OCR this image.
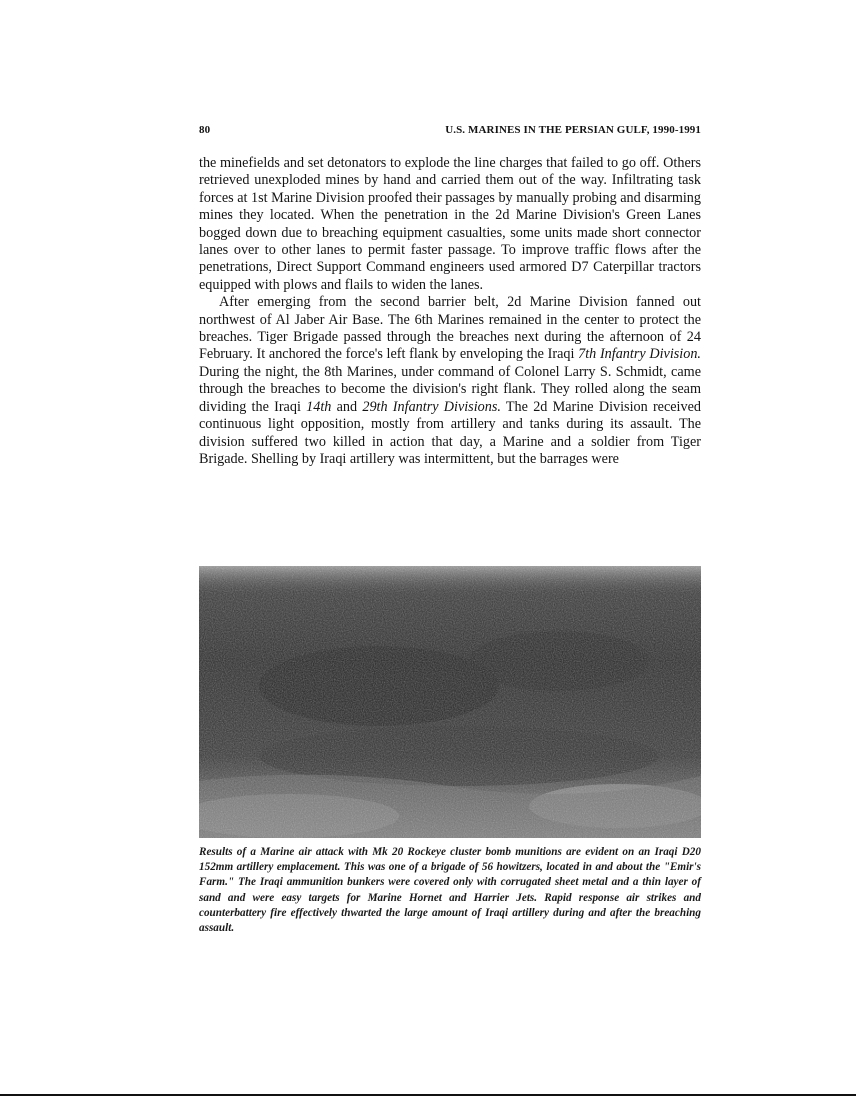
80	U.S. MARINES IN THE PERSIAN GULF, 1990-1991

the minefields and set detonators to explode the line charges that failed to go off. Others retrieved unexploded mines by hand and carried them out of the way. Infiltrating task forces at 1st Marine Division proofed their passages by manually probing and disarming mines they located. When the penetration in the 2d Marine Division's Green Lanes bogged down due to breaching equipment casualties, some units made short connector lanes over to other lanes to permit faster passage. To improve traffic flows after the penetrations, Direct Support Command engineers used armored D7 Caterpillar tractors equipped with plows and flails to widen the lanes.

After emerging from the second barrier belt, 2d Marine Division fanned out northwest of Al Jaber Air Base. The 6th Marines remained in the center to protect the breaches. Tiger Brigade passed through the breaches next during the afternoon of 24 February. It anchored the force's left flank by enveloping the Iraqi 7th Infantry Division. During the night, the 8th Marines, under command of Colonel Larry S. Schmidt, came through the breaches to become the division's right flank. They rolled along the seam dividing the Iraqi 14th and 29th Infantry Divisions. The 2d Marine Division received continuous light opposition, mostly from artillery and tanks during its assault. The division suffered two killed in action that day, a Marine and a soldier from Tiger Brigade. Shelling by Iraqi artillery was intermittent, but the barrages were

Results of a Marine air attack with Mk 20 Rockeye cluster bomb munitions are evident on an Iraqi D20 152mm artillery emplacement. This was one of a brigade of 56 howitzers, located in and about the "Emir's Farm." The Iraqi ammunition bunkers were covered only with corrugated sheet metal and a thin layer of sand and were easy targets for Marine Hornet and Harrier Jets. Rapid response air strikes and counterbattery fire effectively thwarted the large amount of Iraqi artillery during and after the breaching assault.
